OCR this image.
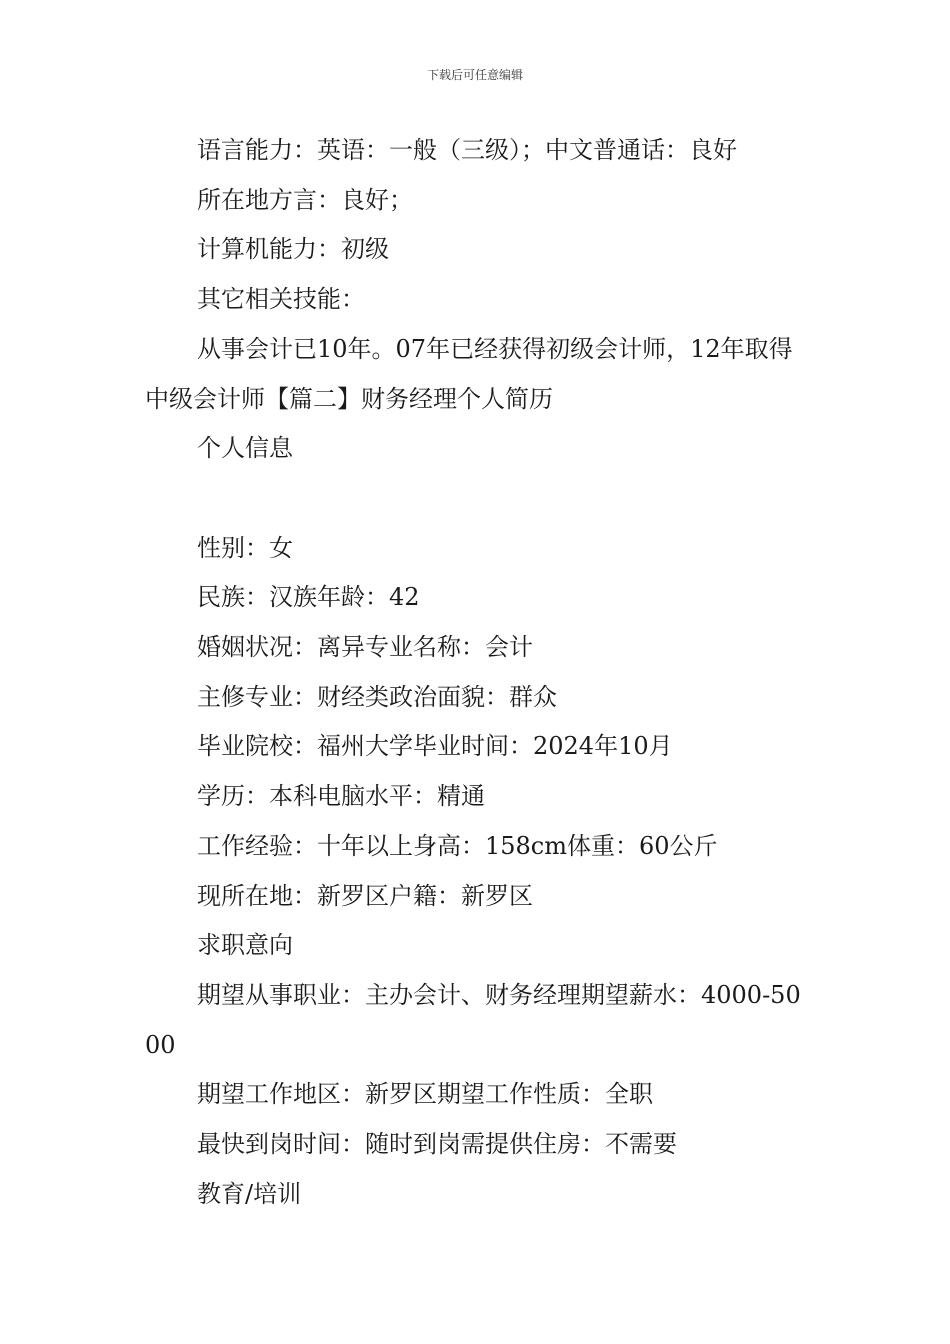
下载后可任意编辑

语言能力：英语：一般（三级）；中文普通话：良好

所在地方言：良好；

计算机能力：初级

其它相关技能：

从事会计已10年。07年已经获得初级会计师，12年取得中级会计师【篇二】财务经理个人简历

个人信息

性别：女

民族：汉族年龄：42

婚姻状况：离异专业名称：会计

主修专业：财经类政治面貌：群众

毕业院校：福州大学毕业时间：2024年10月

学历：本科电脑水平：精通

工作经验：十年以上身高：158cm体重：60公斤

现所在地：新罗区户籍：新罗区

求职意向

期望从事职业：主办会计、财务经理期望薪水：4000-5000

期望工作地区：新罗区期望工作性质：全职

最快到岗时间：随时到岗需提供住房：不需要

教育/培训
